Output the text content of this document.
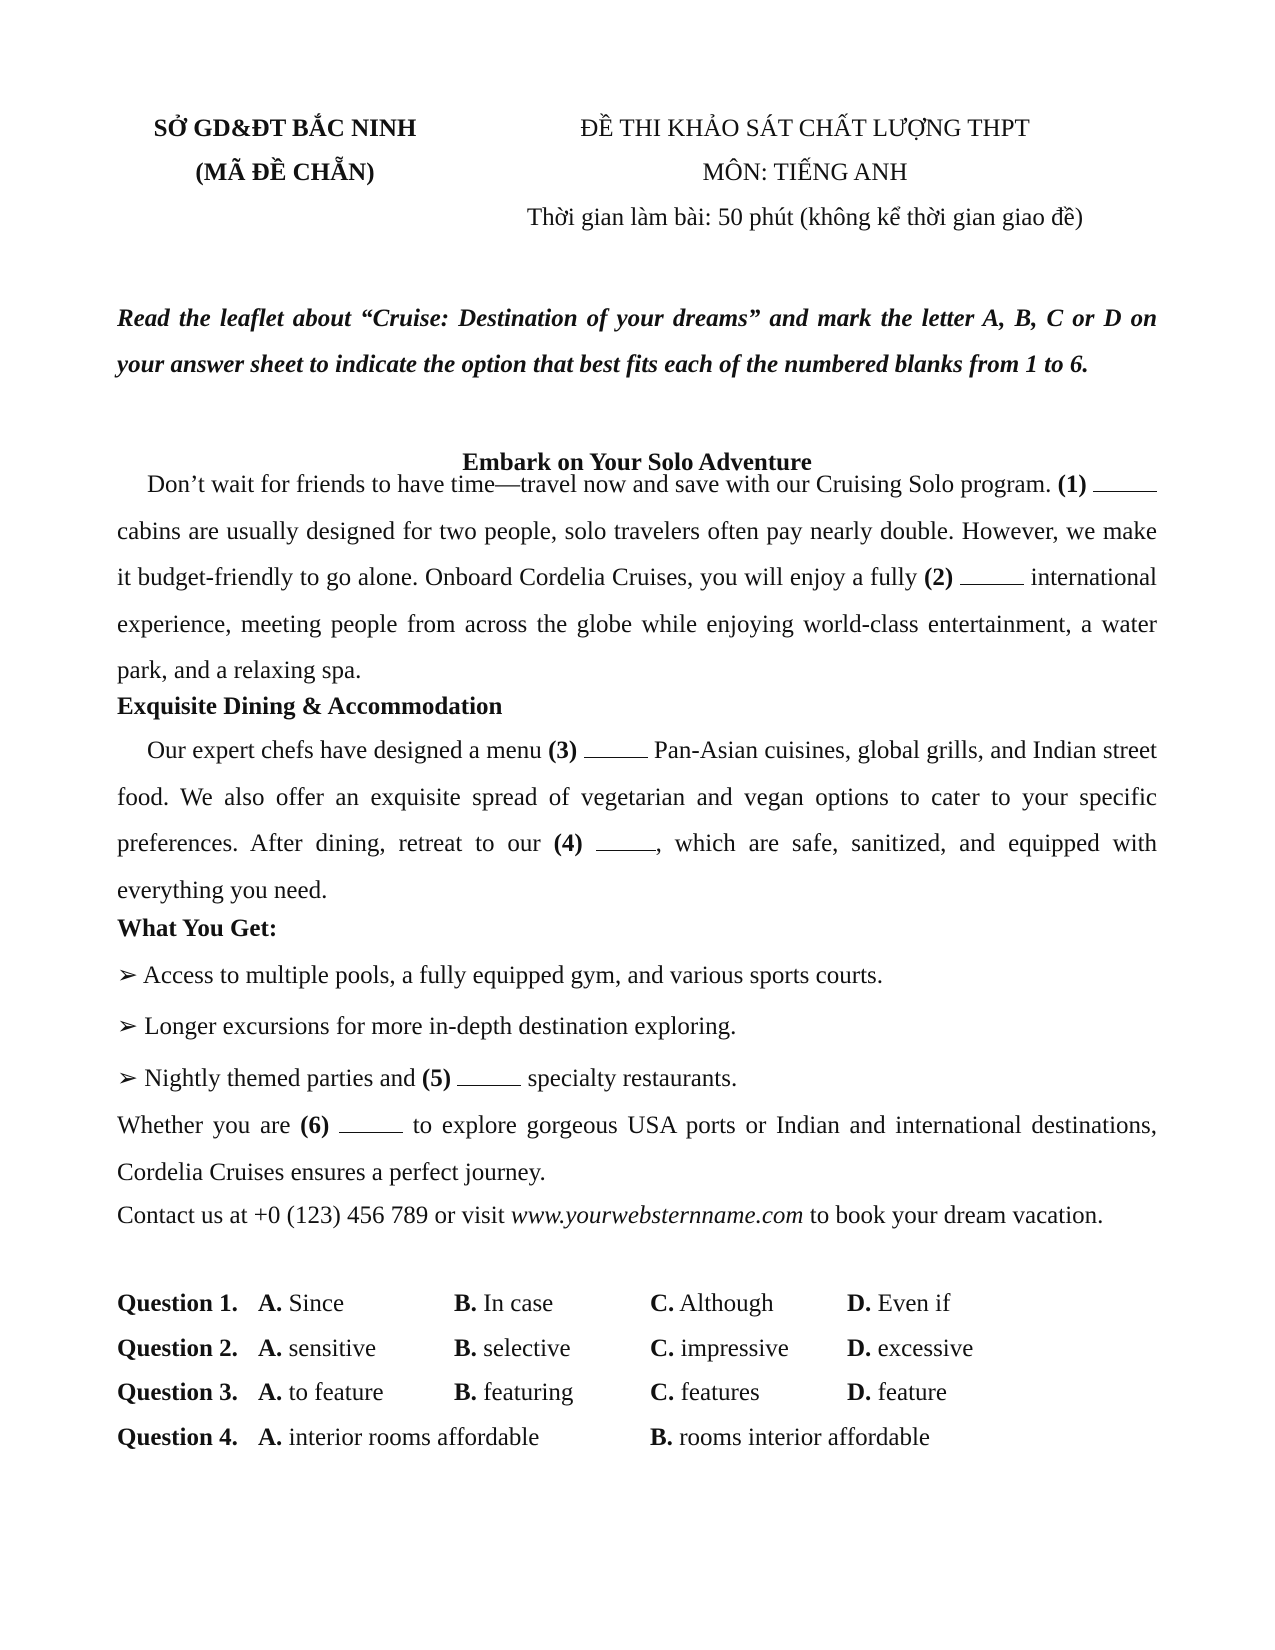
SỞ GD&ĐT BẮC NINH
(MÃ ĐỀ CHẴN)
ĐỀ THI KHẢO SÁT CHẤT LƯỢNG THPT
MÔN: TIẾNG ANH
Thời gian làm bài: 50 phút (không kể thời gian giao đề)
Read the leaflet about “Cruise: Destination of your dreams” and mark the letter A, B, C or D on your answer sheet to indicate the option that best fits each of the numbered blanks from 1 to 6.
Embark on Your Solo Adventure
Don’t wait for friends to have time—travel now and save with our Cruising Solo program. (1)  cabins are usually designed for two people, solo travelers often pay nearly double. However, we make it budget-friendly to go alone. Onboard Cordelia Cruises, you will enjoy a fully (2)	international experience, meeting people from across the globe while enjoying world-class entertainment, a water park, and a relaxing spa.
Exquisite Dining & Accommodation
Our expert chefs have designed a menu (3)	Pan-Asian cuisines, global grills, and Indian street food. We also offer an exquisite spread of vegetarian and vegan options to cater to your specific preferences. After dining, retreat to our (4)	, which are safe, sanitized, and equipped with everything you need.
What You Get:
➢ Access to multiple pools, a fully equipped gym, and various sports courts.
➢ Longer excursions for more in-depth destination exploring.
➢ Nightly themed parties and (5)	specialty restaurants.
Whether you are (6)	to explore gorgeous USA ports or Indian and international destinations, Cordelia Cruises ensures a perfect journey.
Contact us at +0 (123) 456 789 or visit www.yourwebsternname.com to book your dream vacation.
Question 1. A. Since	B. In case	C. Although	D. Even if
Question 2. A. sensitive	B. selective	C. impressive D. excessive
Question 3. A. to feature	B. featuring	C. features	D. feature
Question 4. A. interior rooms affordable	B. rooms interior affordable
